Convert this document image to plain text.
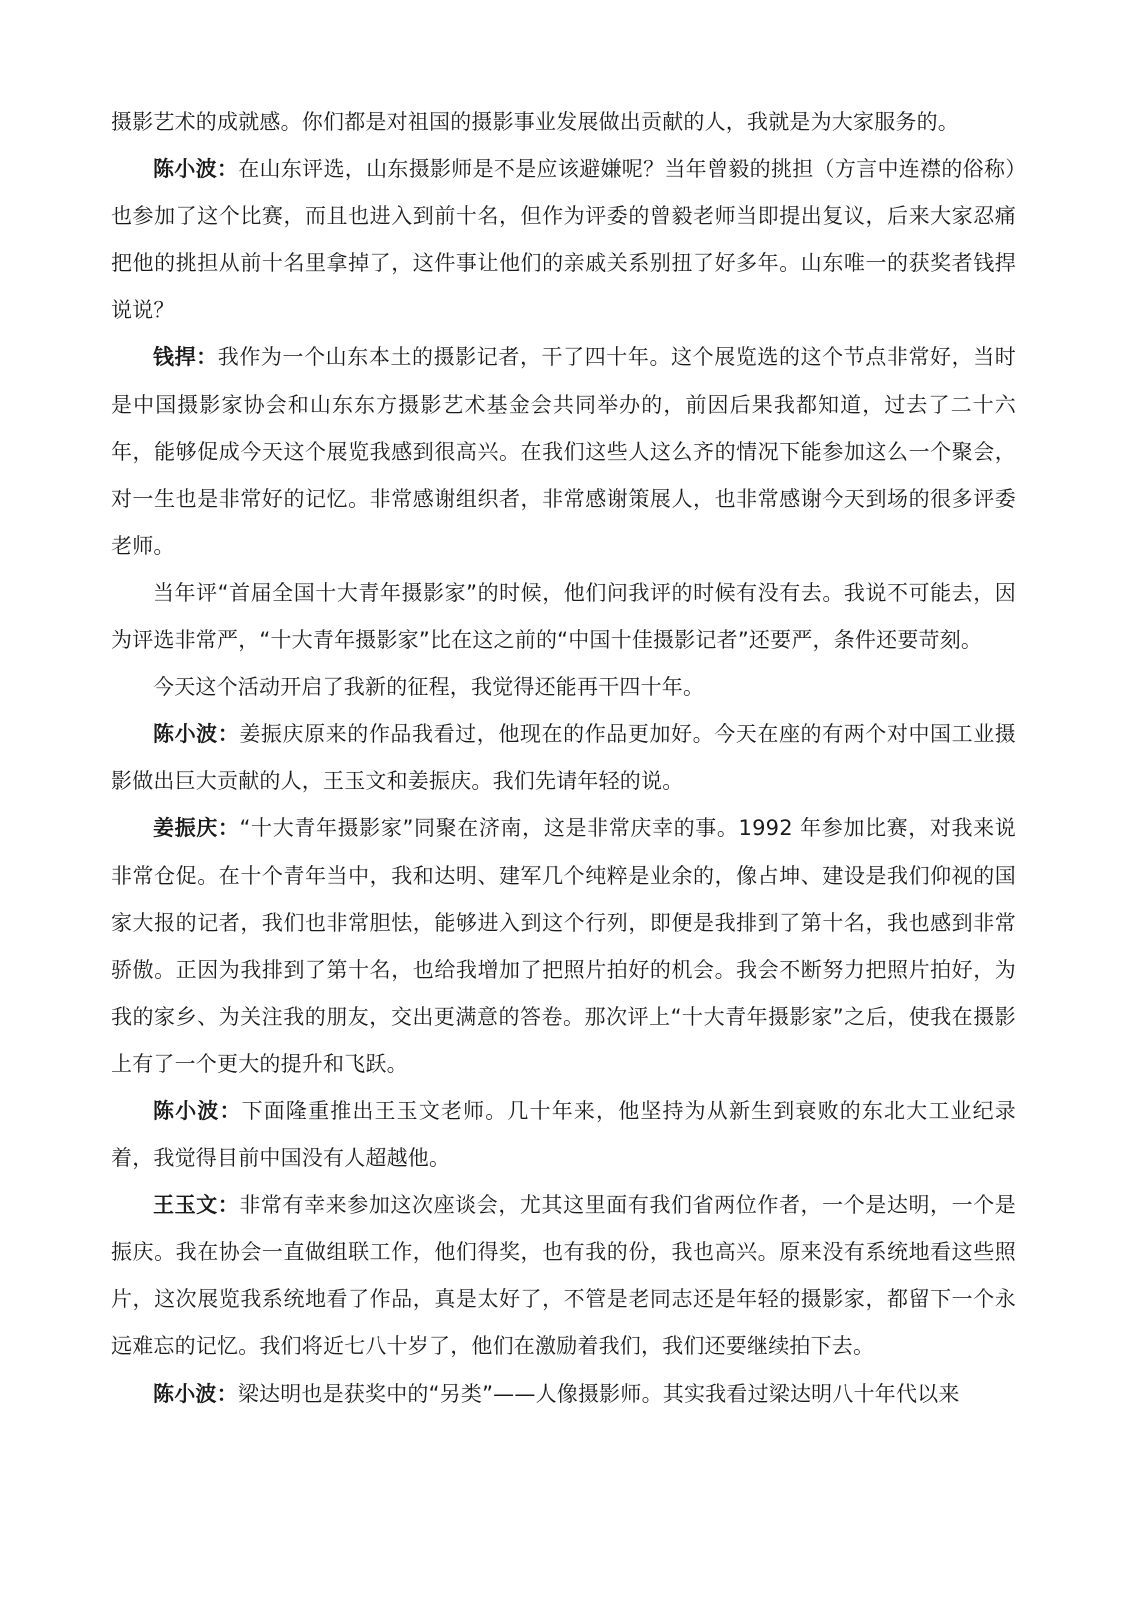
摄影艺术的成就感。你们都是对祖国的摄影事业发展做出贡献的人，我就是为大家服务的。

陈小波：在山东评选，山东摄影师是不是应该避嫌呢？当年曾毅的挑担（方言中连襟的俗称）也参加了这个比赛，而且也进入到前十名，但作为评委的曾毅老师当即提出复议，后来大家忍痛把他的挑担从前十名里拿掉了，这件事让他们的亲戚关系别扭了好多年。山东唯一的获奖者钱捍说说？

钱捍：我作为一个山东本土的摄影记者，干了四十年。这个展览选的这个节点非常好，当时是中国摄影家协会和山东东方摄影艺术基金会共同举办的，前因后果我都知道，过去了二十六年，能够促成今天这个展览我感到很高兴。在我们这些人这么齐的情况下能参加这么一个聚会，对一生也是非常好的记忆。非常感谢组织者，非常感谢策展人，也非常感谢今天到场的很多评委老师。

当年评“首届全国十大青年摄影家”的时候，他们问我评的时候有没有去。我说不可能去，因为评选非常严，“十大青年摄影家”比在这之前的“中国十佳摄影记者”还要严，条件还要苛刻。

今天这个活动开启了我新的征程，我觉得还能再干四十年。

陈小波：姜振庆原来的作品我看过，他现在的作品更加好。今天在座的有两个对中国工业摄影做出巨大贡献的人，王玉文和姜振庆。我们先请年轻的说。

姜振庆：“十大青年摄影家”同聚在济南，这是非常庆幸的事。1992 年参加比赛，对我来说非常仓促。在十个青年当中，我和达明、建军几个纯粹是业余的，像占坤、建设是我们仰视的国家大报的记者，我们也非常胆怯，能够进入到这个行列，即便是我排到了第十名，我也感到非常骄傲。正因为我排到了第十名，也给我增加了把照片拍好的机会。我会不断努力把照片拍好，为我的家乡、为关注我的朋友，交出更满意的答卷。那次评上“十大青年摄影家”之后，使我在摄影上有了一个更大的提升和飞跃。

陈小波：下面隆重推出王玉文老师。几十年来，他坚持为从新生到衰败的东北大工业纪录着，我觉得目前中国没有人超越他。

王玉文：非常有幸来参加这次座谈会，尤其这里面有我们省两位作者，一个是达明，一个是振庆。我在协会一直做组联工作，他们得奖，也有我的份，我也高兴。原来没有系统地看这些照片，这次展览我系统地看了作品，真是太好了，不管是老同志还是年轻的摄影家，都留下一个永远难忘的记忆。我们将近七八十岁了，他们在激励着我们，我们还要继续拍下去。

陈小波：梁达明也是获奖中的“另类”——人像摄影师。其实我看过梁达明八十年代以来
